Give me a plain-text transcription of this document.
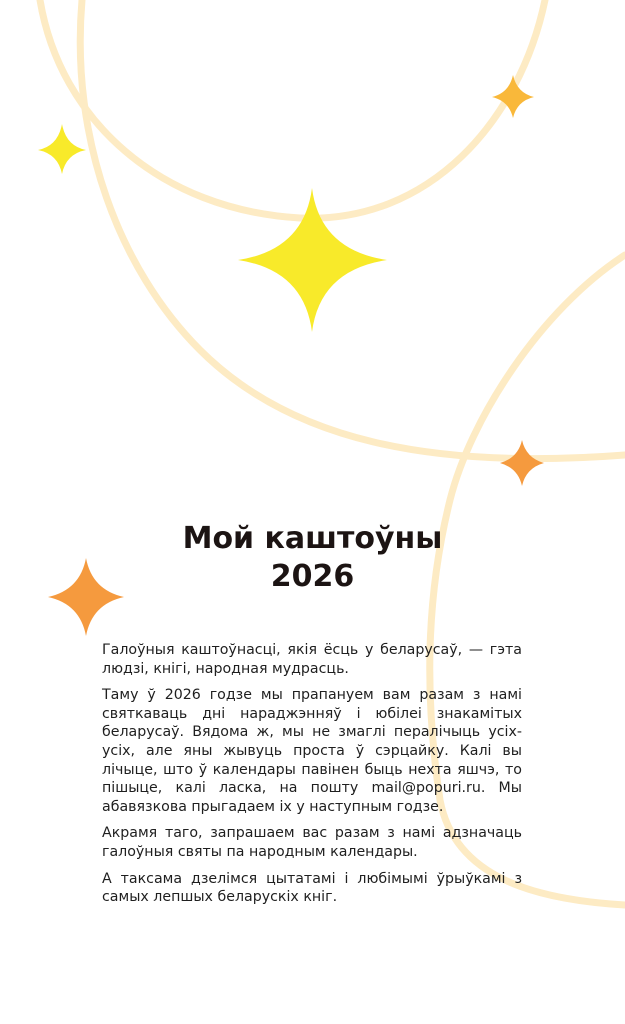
Мой каштоўны
2026

Галоўныя каштоўнасці, якія ёсць у беларусаў, — гэта людзі, кнігі, народная мудрасць.

Таму ў 2026 годзе мы прапануем вам разам з намі святкаваць дні нараджэнняў і юбілеі знакамітых беларусаў. Вядома ж, мы не змаглі пералічыць усіх-усіх, але яны жывуць проста ў сэрцайку. Калі вы лічыце, што ў календары павінен быць нехта яшчэ, то пішыце, калі ласка, на пошту mail@popuri.ru. Мы абавязкова прыгадаем іх у наступным годзе.

Акрамя таго, запрашаем вас разам з намі адзначаць галоўныя святы па народным календары.

А таксама дзелімся цытатамі і любімымі ўрыўкамі з самых лепшых беларускіх кніг.
